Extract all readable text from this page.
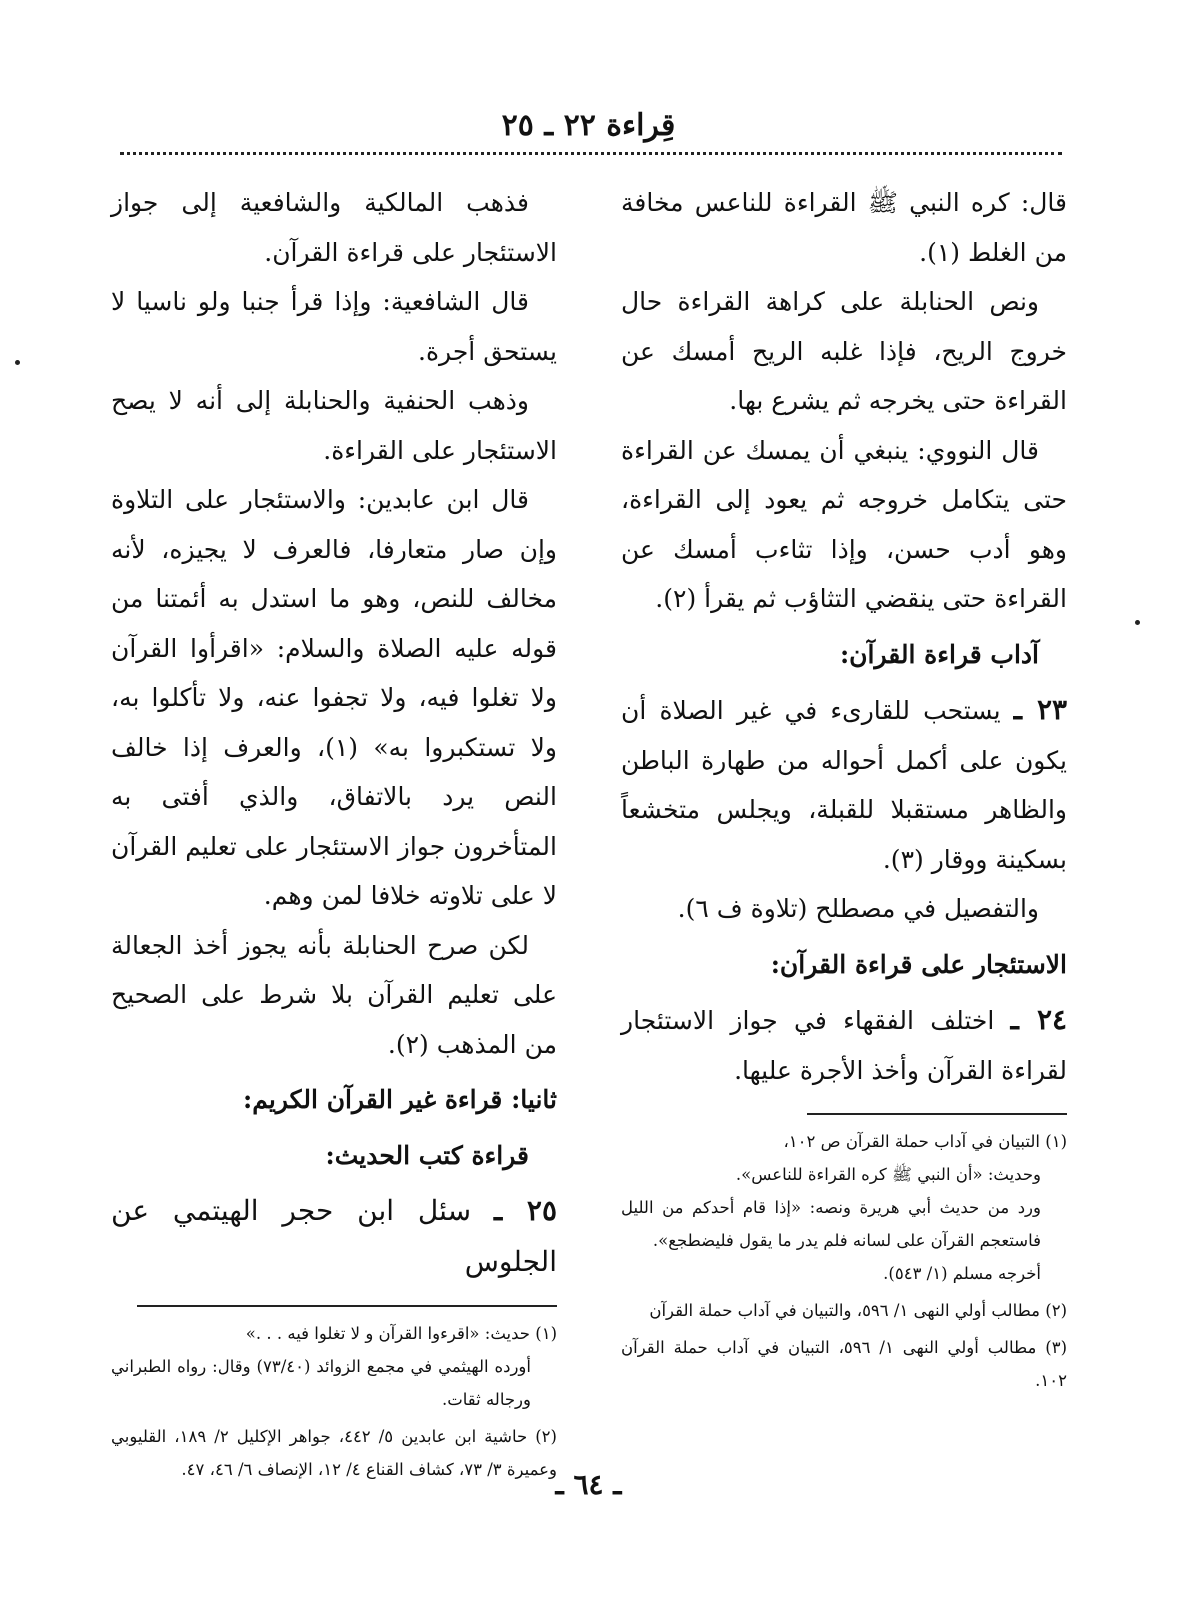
قِراءة ٢٢ ـ ٢٥

قال: كره النبي ﷺ القراءة للناعس مخافة من الغلط (١).

ونص الحنابلة على كراهة القراءة حال خروج الريح، فإذا غلبه الريح أمسك عن القراءة حتى يخرجه ثم يشرع بها.

قال النووي: ينبغي أن يمسك عن القراءة حتى يتكامل خروجه ثم يعود إلى القراءة، وهو أدب حسن، وإذا تثاءب أمسك عن القراءة حتى ينقضي التثاؤب ثم يقرأ (٢).

آداب قراءة القرآن:

٢٣ ـ يستحب للقارىء في غير الصلاة أن يكون على أكمل أحواله من طهارة الباطن والظاهر مستقبلا للقبلة، ويجلس متخشعاً بسكينة ووقار (٣).

والتفصيل في مصطلح (تلاوة ف ٦).

الاستئجار على قراءة القرآن:

٢٤ ـ اختلف الفقهاء في جواز الاستئجار لقراءة القرآن وأخذ الأجرة عليها.

(١) التبيان في آداب حملة القرآن ص ١٠٢،

وحديث: «أن النبي ﷺ كره القراءة للناعس».

ورد من حديث أبي هريرة ونصه: «إذا قام أحدكم من الليل فاستعجم القرآن على لسانه فلم يدر ما يقول فليضطجع».

أخرجه مسلم (١/ ٥٤٣).

(٢) مطالب أولي النهى ١/ ٥٩٦، والتبيان في آداب حملة القرآن

(٣) مطالب أولي النهى ١/ ٥٩٦، التبيان في آداب حملة القرآن ١٠٢.

فذهب المالكية والشافعية إلى جواز الاستئجار على قراءة القرآن.

قال الشافعية: وإذا قرأ جنبا ولو ناسيا لا يستحق أجرة.

وذهب الحنفية والحنابلة إلى أنه لا يصح الاستئجار على القراءة.

قال ابن عابدين: والاستئجار على التلاوة وإن صار متعارفا، فالعرف لا يجيزه، لأنه مخالف للنص، وهو ما استدل به أئمتنا من قوله عليه الصلاة والسلام: «اقرأوا القرآن ولا تغلوا فيه، ولا تجفوا عنه، ولا تأكلوا به، ولا تستكبروا به» (١)، والعرف إذا خالف النص يرد بالاتفاق، والذي أفتى به المتأخرون جواز الاستئجار على تعليم القرآن لا على تلاوته خلافا لمن وهم.

لكن صرح الحنابلة بأنه يجوز أخذ الجعالة على تعليم القرآن بلا شرط على الصحيح من المذهب (٢).

ثانيا: قراءة غير القرآن الكريم:

قراءة كتب الحديث:

٢٥ ـ سئل ابن حجر الهيتمي عن الجلوس

(١) حديث: «اقرءوا القرآن و لا تغلوا فيه . . .»

أورده الهيثمي في مجمع الزوائد (٧٣/٤٠) وقال: رواه الطبراني ورجاله ثقات.

(٢) حاشية ابن عابدين ٥/ ٤٤٢، جواهر الإكليل ٢/ ١٨٩، القليوبي وعميرة ٣/ ٧٣، كشاف القناع ٤/ ١٢، الإنصاف ٦/ ٤٦، ٤٧.

ـ ٦٤ ـ
